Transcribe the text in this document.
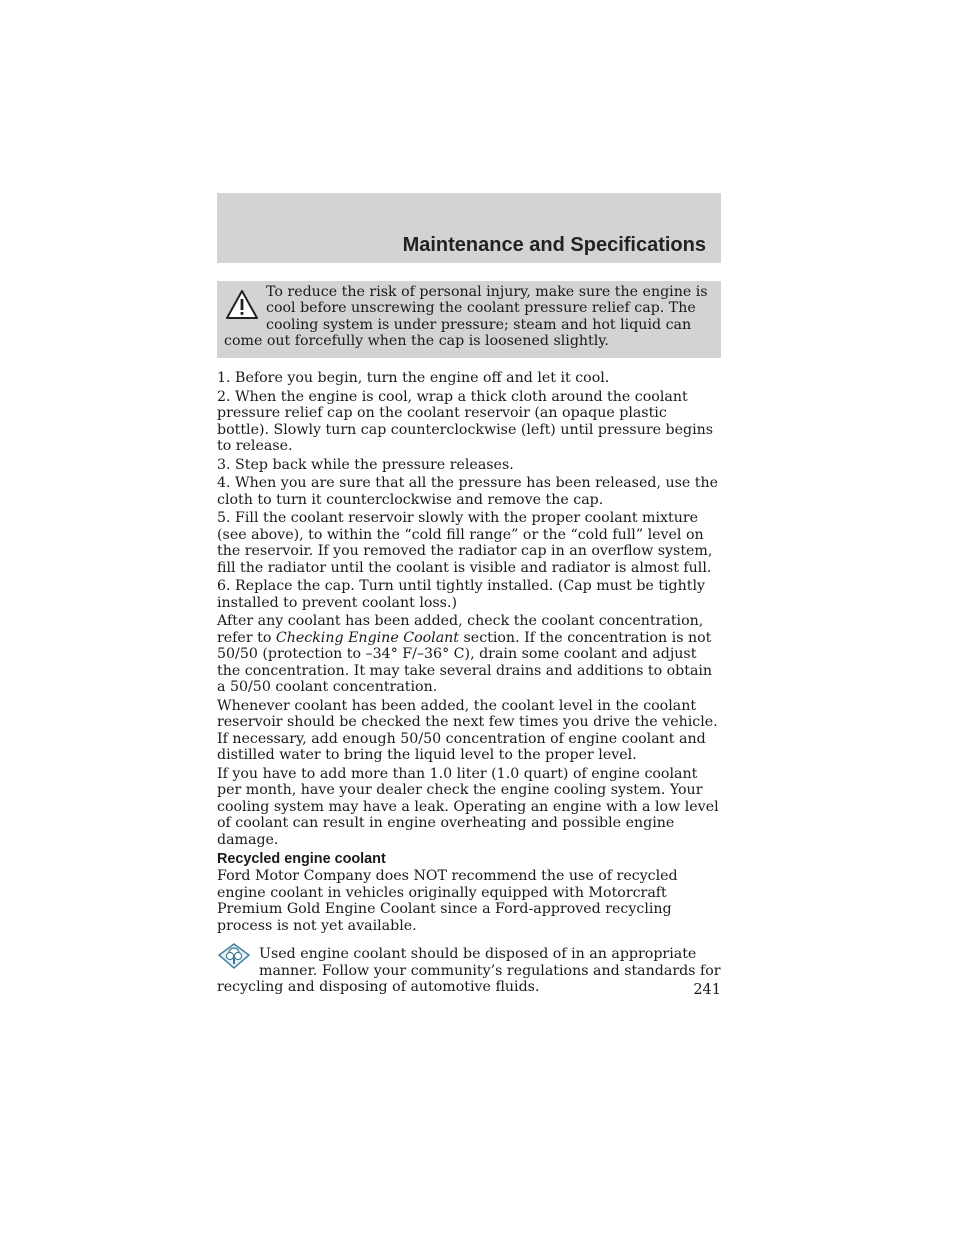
Maintenance and Specifications

To reduce the risk of personal injury, make sure the engine is cool before unscrewing the coolant pressure relief cap. The cooling system is under pressure; steam and hot liquid can come out forcefully when the cap is loosened slightly.

1. Before you begin, turn the engine off and let it cool.

2. When the engine is cool, wrap a thick cloth around the coolant pressure relief cap on the coolant reservoir (an opaque plastic bottle). Slowly turn cap counterclockwise (left) until pressure begins to release.

3. Step back while the pressure releases.

4. When you are sure that all the pressure has been released, use the cloth to turn it counterclockwise and remove the cap.

5. Fill the coolant reservoir slowly with the proper coolant mixture (see above), to within the “cold fill range” or the “cold full” level on the reservoir. If you removed the radiator cap in an overflow system, fill the radiator until the coolant is visible and radiator is almost full.

6. Replace the cap. Turn until tightly installed. (Cap must be tightly installed to prevent coolant loss.)

After any coolant has been added, check the coolant concentration, refer to Checking Engine Coolant section. If the concentration is not 50/50 (protection to –34° F/–36° C), drain some coolant and adjust the concentration. It may take several drains and additions to obtain a 50/50 coolant concentration.

Whenever coolant has been added, the coolant level in the coolant reservoir should be checked the next few times you drive the vehicle. If necessary, add enough 50/50 concentration of engine coolant and distilled water to bring the liquid level to the proper level.

If you have to add more than 1.0 liter (1.0 quart) of engine coolant per month, have your dealer check the engine cooling system. Your cooling system may have a leak. Operating an engine with a low level of coolant can result in engine overheating and possible engine damage.

Recycled engine coolant

Ford Motor Company does NOT recommend the use of recycled engine coolant in vehicles originally equipped with Motorcraft Premium Gold Engine Coolant since a Ford-approved recycling process is not yet available.

Used engine coolant should be disposed of in an appropriate manner. Follow your community’s regulations and standards for recycling and disposing of automotive fluids.	241
